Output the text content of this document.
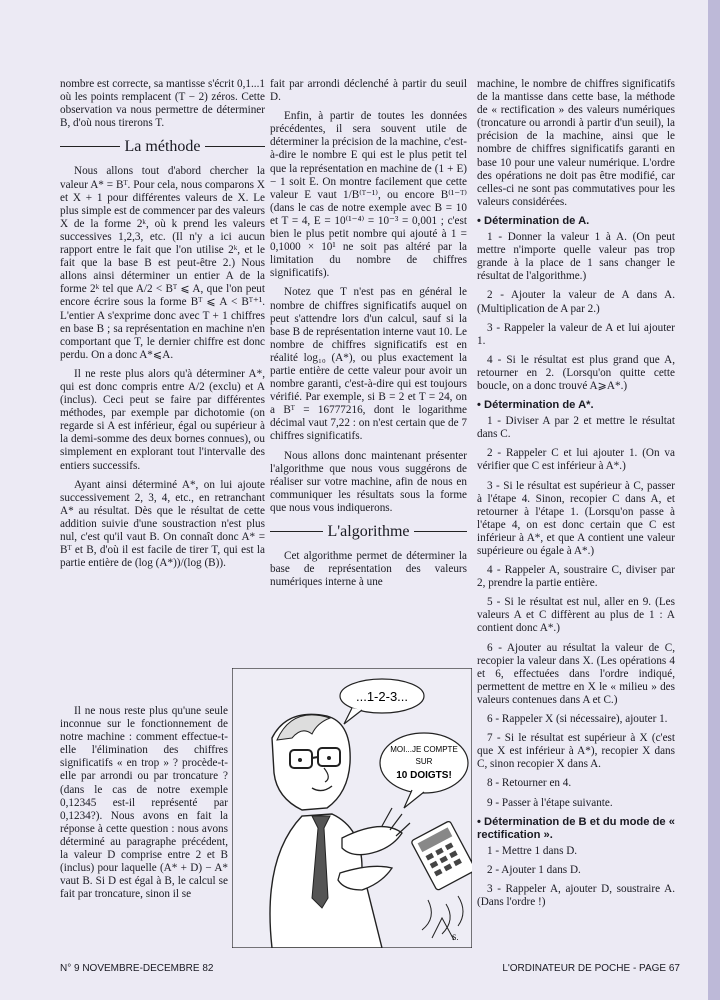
nombre est correcte, sa mantisse s'écrit 0,1...1 où les points remplacent (T − 2) zéros. Cette observation va nous permettre de déterminer B, d'où nous tirerons T.

La méthode

Nous allons tout d'abord chercher la valeur A* = Bᵀ. Pour cela, nous comparons X et X + 1 pour différentes valeurs de X. Le plus simple est de commencer par des valeurs X de la forme 2ᵏ, où k prend les valeurs successives 1,2,3, etc. (Il n'y a ici aucun rapport entre le fait que l'on utilise 2ᵏ, et le fait que la base B est peut-être 2.) Nous allons ainsi déterminer un entier A de la forme 2ᵏ tel que A/2 < Bᵀ ⩽ A, que l'on peut encore écrire sous la forme Bᵀ ⩽ A < Bᵀ⁺¹. L'entier A s'exprime donc avec T + 1 chiffres en base B ; sa représentation en machine n'en comportant que T, le dernier chiffre est donc perdu. On a donc A*⩽A.

Il ne reste plus alors qu'à déterminer A*, qui est donc compris entre A/2 (exclu) et A (inclus). Ceci peut se faire par différentes méthodes, par exemple par dichotomie (on regarde si A est inférieur, égal ou supérieur à la demi-somme des deux bornes connues), ou simplement en explorant tout l'intervalle des entiers successifs.

Ayant ainsi déterminé A*, on lui ajoute successivement 2, 3, 4, etc., en retranchant A* au résultat. Dès que le résultat de cette addition suivie d'une soustraction n'est plus nul, c'est qu'il vaut B. On connaît donc A* = Bᵀ et B, d'où il est facile de tirer T, qui est la partie entière de (log (A*))/(log (B)).

Il ne nous reste plus qu'une seule inconnue sur le fonctionnement de notre machine : comment effectue-t-elle l'élimination des chiffres significatifs « en trop » ? procède-t-elle par arrondi ou par troncature ? (dans le cas de notre exemple 0,12345 est-il représenté par 0,1234?). Nous avons en fait la réponse à cette question : nous avons déterminé au paragraphe précédent, la valeur D comprise entre 2 et B (inclus) pour laquelle (A* + D) − A* vaut B. Si D est égal à B, le calcul se fait par troncature, sinon il se

fait par arrondi déclenché à partir du seuil D.

Enfin, à partir de toutes les données précédentes, il sera souvent utile de déterminer la précision de la machine, c'est-à-dire le nombre E qui est le plus petit tel que la représentation en machine de (1 + E) − 1 soit E. On montre facilement que cette valeur E vaut 1/B⁽ᵀ⁻¹⁾, ou encore B⁽¹⁻ᵀ⁾ (dans le cas de notre exemple avec B = 10 et T = 4, E = 10⁽¹⁻⁴⁾ = 10⁻³ = 0,001 ; c'est bien le plus petit nombre qui ajouté à 1 = 0,1000 × 10¹ ne soit pas altéré par la limitation du nombre de chiffres significatifs).

Notez que T n'est pas en général le nombre de chiffres significatifs auquel on peut s'attendre lors d'un calcul, sauf si la base B de représentation interne vaut 10. Le nombre de chiffres significatifs est en réalité log₁₀ (A*), ou plus exactement la partie entière de cette valeur pour avoir un nombre garanti, c'est-à-dire qui est toujours vérifié. Par exemple, si B = 2 et T = 24, on a Bᵀ = 16777216, dont le logarithme décimal vaut 7,22 : on n'est certain que de 7 chiffres significatifs.

Nous allons donc maintenant présenter l'algorithme que nous vous suggérons de réaliser sur votre machine, afin de nous en communiquer les résultats sous la forme que nous vous indiquerons.

L'algorithme

Cet algorithme permet de déterminer la base de représentation des valeurs numériques interne à une

machine, le nombre de chiffres significatifs de la mantisse dans cette base, la méthode de « rectification » des valeurs numériques (troncature ou arrondi à partir d'un seuil), la précision de la machine, ainsi que le nombre de chiffres significatifs garanti en base 10 pour une valeur numérique. L'ordre des opérations ne doit pas être modifié, car celles-ci ne sont pas commutatives pour les valeurs considérées.

• Détermination de A.

1 - Donner la valeur 1 à A. (On peut mettre n'importe quelle valeur pas trop grande à la place de 1 sans changer le résultat de l'algorithme.)

2 - Ajouter la valeur de A dans A. (Multiplication de A par 2.)

3 - Rappeler la valeur de A et lui ajouter 1.

4 - Si le résultat est plus grand que A, retourner en 2. (Lorsqu'on quitte cette boucle, on a donc trouvé A⩾A*.)

• Détermination de A*.

1 - Diviser A par 2 et mettre le résultat dans C.

2 - Rappeler C et lui ajouter 1. (On va vérifier que C est inférieur à A*.)

3 - Si le résultat est supérieur à C, passer à l'étape 4. Sinon, recopier C dans A, et retourner à l'étape 1. (Lorsqu'on passe à l'étape 4, on est donc certain que C est inférieur à A*, et que A contient une valeur supérieure ou égale à A*.)

4 - Rappeler A, soustraire C, diviser par 2, prendre la partie entière.

5 - Si le résultat est nul, aller en 9. (Les valeurs A et C diffèrent au plus de 1 : A contient donc A*.)

6 - Ajouter au résultat la valeur de C, recopier la valeur dans X. (Les opérations 4 et 6, effectuées dans l'ordre indiqué, permettent de mettre en X le « milieu » des valeurs contenues dans A et C.)

6 - Rappeler X (si nécessaire), ajouter 1.

7 - Si le résultat est supérieur à X (c'est que X est inférieur à A*), recopier X dans C, sinon recopier X dans A.

8 - Retourner en 4.

9 - Passer à l'étape suivante.

• Détermination de B et du mode de « rectification ».

1 - Mettre 1 dans D.

2 - Ajouter 1 dans D.

3 - Rappeler A, ajouter D, soustraire A. (Dans l'ordre !)

...1-2-3...
MOI...JE COMPTE
SUR
10 DOIGTS!
S.
N° 9 NOVEMBRE-DECEMBRE 82	L'ORDINATEUR DE POCHE - PAGE 67
